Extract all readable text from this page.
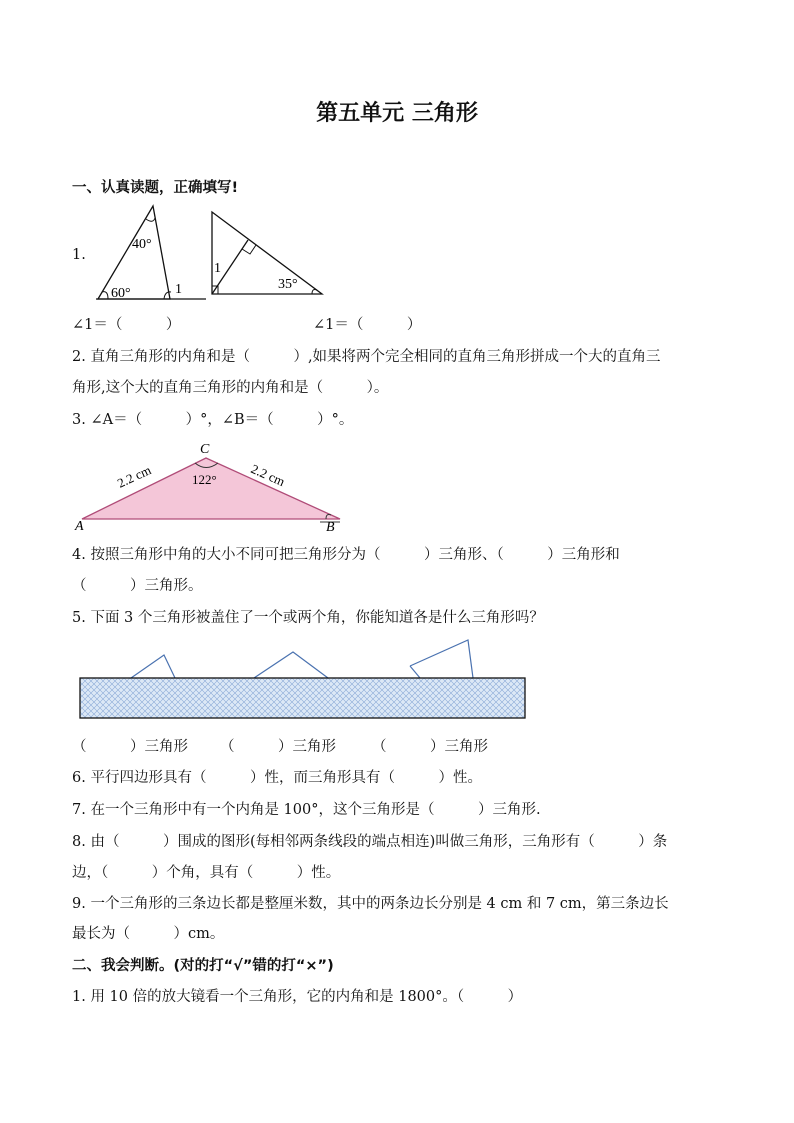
第五单元 三角形
一、认真读题，正确填写!
1.
40°
60°	1
1
35°
∠1＝（　　　）	∠1＝（　　　）
2. 直角三角形的内角和是（　　　）,如果将两个完全相同的直角三角形拼成一个大的直角三
角形,这个大的直角三角形的内角和是（　　　）。
3. ∠A＝（　　　）°，∠B＝（　　　）°。
C
A	B
2.2 cm	2.2 cm
122°
4. 按照三角形中角的大小不同可把三角形分为（　　　）三角形、（　　　）三角形和
（　　　）三角形。
5. 下面 3 个三角形被盖住了一个或两个角，你能知道各是什么三角形吗？
（　　　）三角形 （　　　）三角形 （　　　）三角形
6. 平行四边形具有（　　　）性，而三角形具有（　　　）性。
7. 在一个三角形中有一个内角是 100°，这个三角形是（　　　）三角形.
8. 由（　　　）围成的图形(每相邻两条线段的端点相连)叫做三角形，三角形有（　　　）条
边，（　　　）个角，具有（　　　）性。
9. 一个三角形的三条边长都是整厘米数，其中的两条边长分别是 4 cm 和 7 cm，第三条边长
最长为（　　　）cm。
二、我会判断。(对的打“√”错的打“×”)
1. 用 10 倍的放大镜看一个三角形，它的内角和是 1800°。（　　　）
